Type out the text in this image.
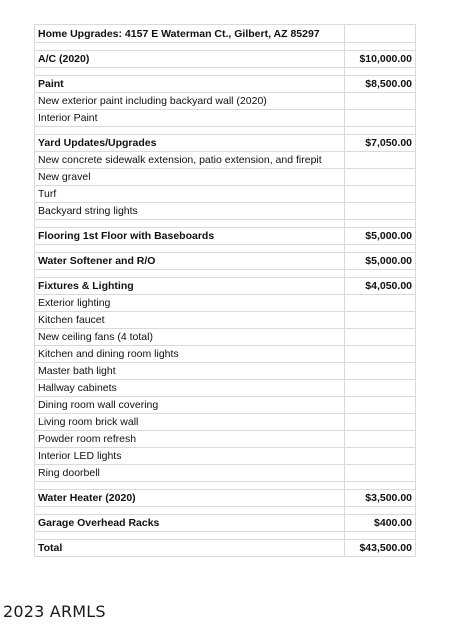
Home Upgrades: 4157 E Waterman Ct., Gilbert, AZ 85297	

A/C (2020)	$10,000.00

Paint	$8,500.00
New exterior paint including backyard wall (2020)	
Interior Paint	

Yard Updates/Upgrades	$7,050.00
New concrete sidewalk extension, patio extension, and firepit	
New gravel	
Turf	
Backyard string lights	

Flooring 1st Floor with Baseboards	$5,000.00

Water Softener and R/O	$5,000.00

Fixtures & Lighting	$4,050.00
Exterior lighting	
Kitchen faucet	
New ceiling fans (4 total)	
Kitchen and dining room lights	
Master bath light	
Hallway cabinets	
Dining room wall covering	
Living room brick wall	
Powder room refresh	
Interior LED lights	
Ring doorbell	

Water Heater (2020)	$3,500.00

Garage Overhead Racks	$400.00

Total	$43,500.00
2023 ARMLS
